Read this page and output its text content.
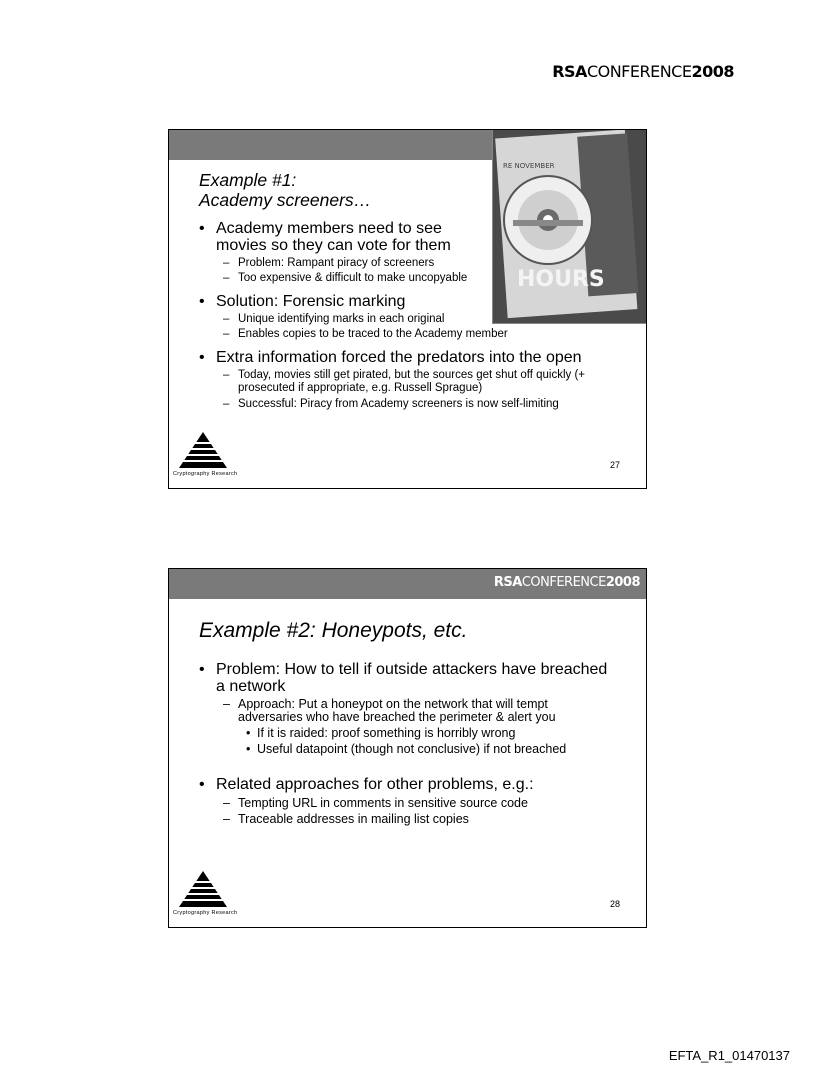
RSACONFERENCE2008
RE NOVEMBER
HOURS
Example #1:
Academy screeners…
• Academy members need to see movies so they can vote for them
– Problem: Rampant piracy of screeners
– Too expensive & difficult to make uncopyable
• Solution: Forensic marking
– Unique identifying marks in each original
– Enables copies to be traced to the Academy member
• Extra information forced the predators into the open
– Today, movies still get pirated, but the sources get shut off quickly (+ prosecuted if appropriate, e.g. Russell Sprague)
– Successful: Piracy from Academy screeners is now self-limiting
Cryptography Research
27
RSACONFERENCE2008
Example #2: Honeypots, etc.
• Problem: How to tell if outside attackers have breached a network
– Approach: Put a honeypot on the network that will tempt adversaries who have breached the perimeter & alert you
• If it is raided: proof something is horribly wrong
• Useful datapoint (though not conclusive) if not breached
• Related approaches for other problems, e.g.:
– Tempting URL in comments in sensitive source code
– Traceable addresses in mailing list copies
Cryptography Research
28
EFTA_R1_01470137
